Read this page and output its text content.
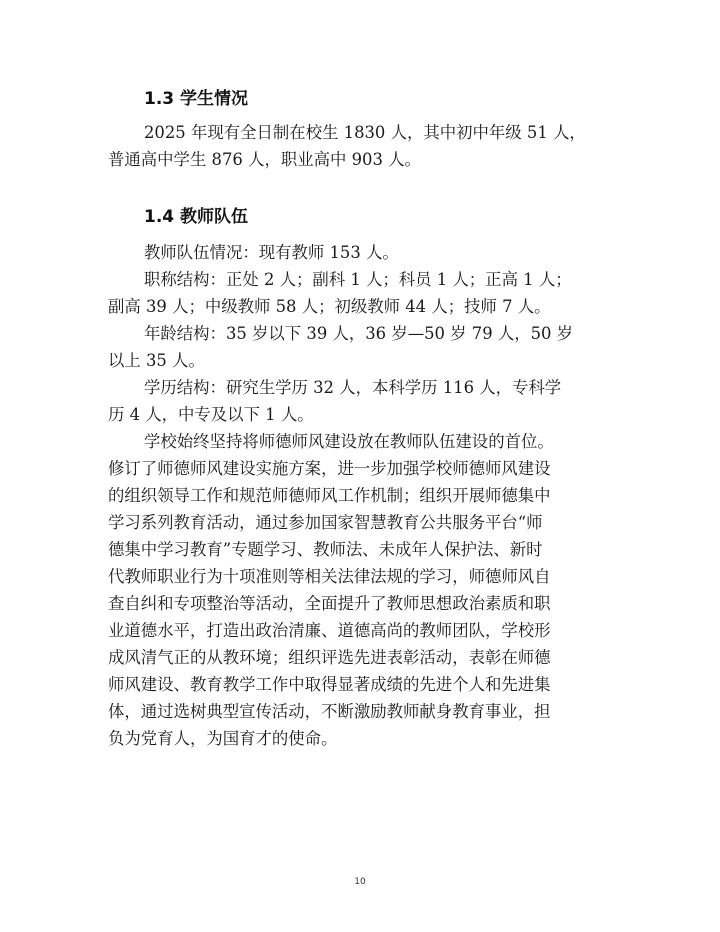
1.3 学生情况
2025 年现有全日制在校生 1830 人，其中初中年级 51 人，
普通高中学生 876 人，职业高中 903 人。
1.4 教师队伍
教师队伍情况：现有教师 153 人。
职称结构：正处 2 人；副科 1 人；科员 1 人；正高 1 人；
副高 39 人；中级教师 58 人；初级教师 44 人；技师 7 人。
年龄结构：35 岁以下 39 人，36 岁—50 岁 79 人，50 岁
以上 35 人。
学历结构：研究生学历 32 人，本科学历 116 人，专科学
历 4 人，中专及以下 1 人。
学校始终坚持将师德师风建设放在教师队伍建设的首位。
修订了师德师风建设实施方案，进一步加强学校师德师风建设
的组织领导工作和规范师德师风工作机制；组织开展师德集中
学习系列教育活动，通过参加国家智慧教育公共服务平台“师
德集中学习教育”专题学习、教师法、未成年人保护法、新时
代教师职业行为十项准则等相关法律法规的学习，师德师风自
查自纠和专项整治等活动，全面提升了教师思想政治素质和职
业道德水平，打造出政治清廉、道德高尚的教师团队，学校形
成风清气正的从教环境；组织评选先进表彰活动，表彰在师德
师风建设、教育教学工作中取得显著成绩的先进个人和先进集
体，通过选树典型宣传活动，不断激励教师献身教育事业，担
负为党育人，为国育才的使命。
10
